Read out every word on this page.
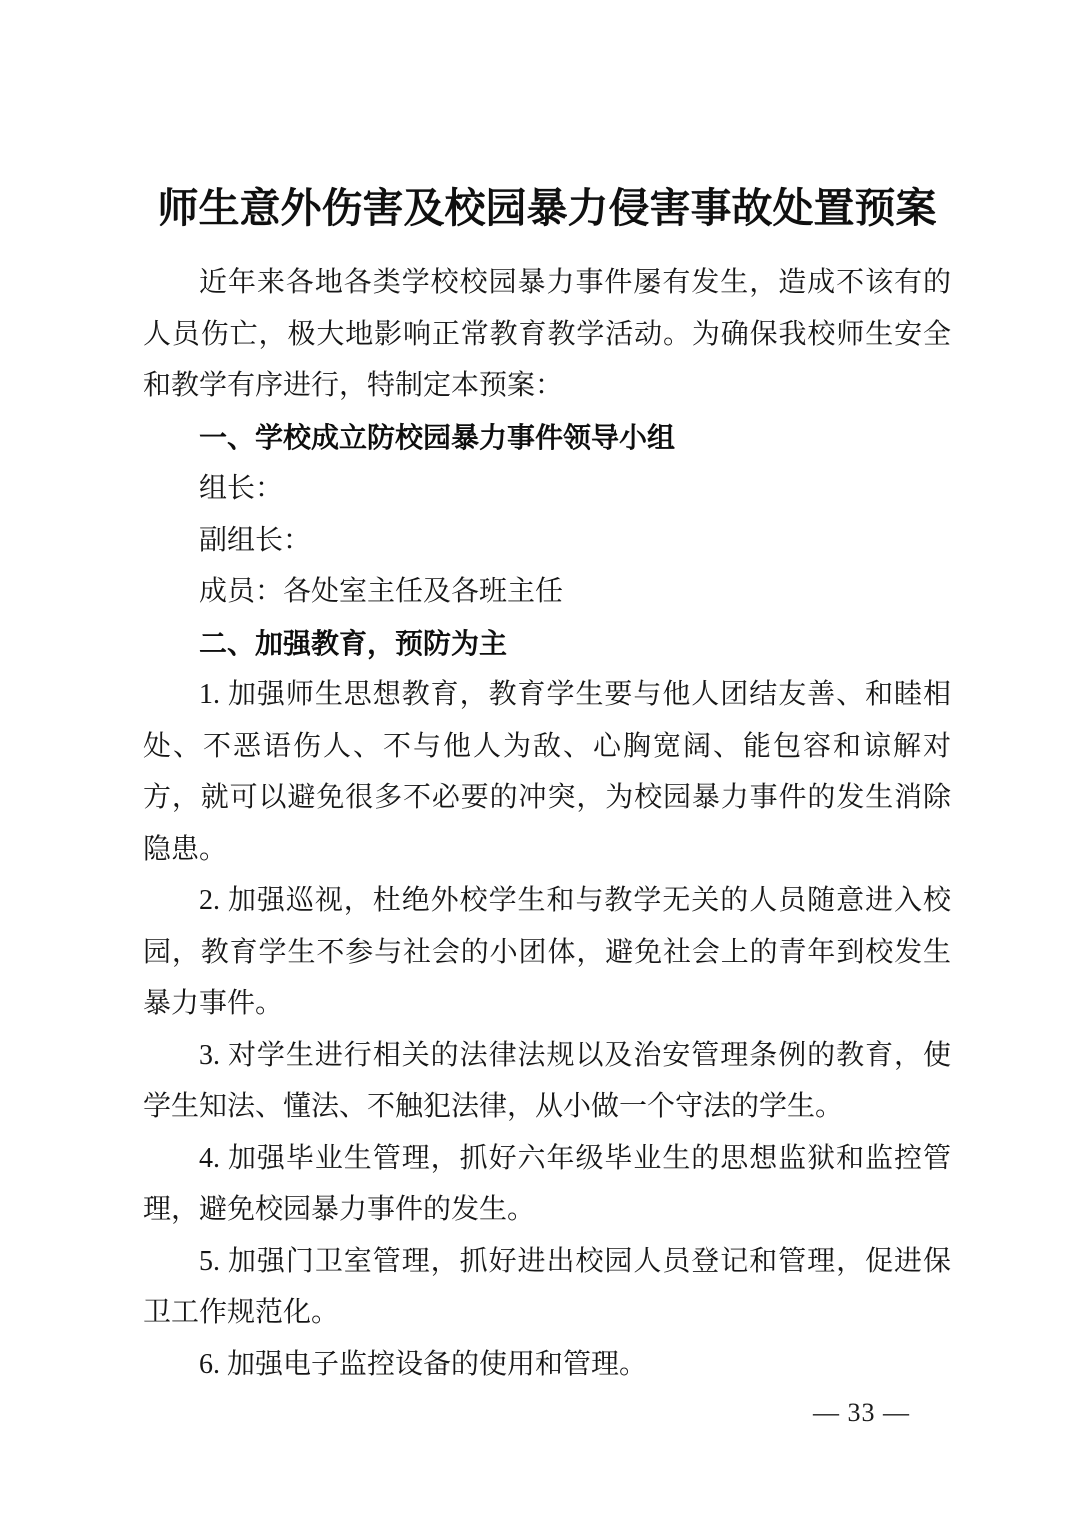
师生意外伤害及校园暴力侵害事故处置预案

近年来各地各类学校校园暴力事件屡有发生，造成不该有的人员伤亡，极大地影响正常教育教学活动。为确保我校师生安全和教学有序进行，特制定本预案：

一、学校成立防校园暴力事件领导小组

组长：

副组长：

成员：各处室主任及各班主任

二、加强教育，预防为主

1. 加强师生思想教育，教育学生要与他人团结友善、和睦相处、不恶语伤人、不与他人为敌、心胸宽阔、能包容和谅解对方，就可以避免很多不必要的冲突，为校园暴力事件的发生消除隐患。

2. 加强巡视，杜绝外校学生和与教学无关的人员随意进入校园，教育学生不参与社会的小团体，避免社会上的青年到校发生暴力事件。

3. 对学生进行相关的法律法规以及治安管理条例的教育，使学生知法、懂法、不触犯法律，从小做一个守法的学生。

4. 加强毕业生管理，抓好六年级毕业生的思想监狱和监控管理，避免校园暴力事件的发生。

5. 加强门卫室管理，抓好进出校园人员登记和管理，促进保卫工作规范化。

6. 加强电子监控设备的使用和管理。

— 33 —
